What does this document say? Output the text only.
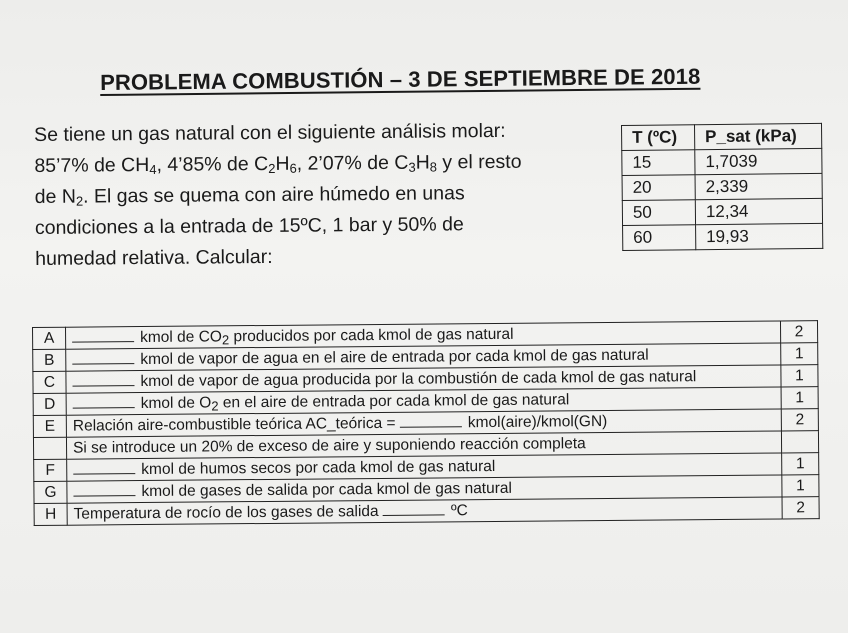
PROBLEMA COMBUSTIÓN – 3 DE SEPTIEMBRE DE 2018
Se tiene un gas natural con el siguiente análisis molar:
85’7% de $CH_4$, 4’85% de $C_2H_6$, 2’07% de $C_3H_8$ y el resto
de $N_2$. El gas se quema con aire húmedo en unas
condiciones a la entrada de 15ºC, 1 bar y 50% de
humedad relativa. Calcular:
T (ºC)	P_sat (kPa)
15	1,7039
20	2,339
50	12,34
60	19,93
A	kmol de $CO_2$ producidos por cada kmol de gas natural	2
B	kmol de vapor de agua en el aire de entrada por cada kmol de gas natural	1
C	kmol de vapor de agua producida por la combustión de cada kmol de gas natural	1
D	kmol de $O_2$ en el aire de entrada por cada kmol de gas natural	1
E	Relación aire-combustible teórica AC_teórica = kmol(aire)/kmol(GN)	2
	Si se introduce un 20% de exceso de aire y suponiendo reacción completa	
F	kmol de humos secos por cada kmol de gas natural	1
G	kmol de gases de salida por cada kmol de gas natural	1
H	Temperatura de rocío de los gases de salida ºC	2
